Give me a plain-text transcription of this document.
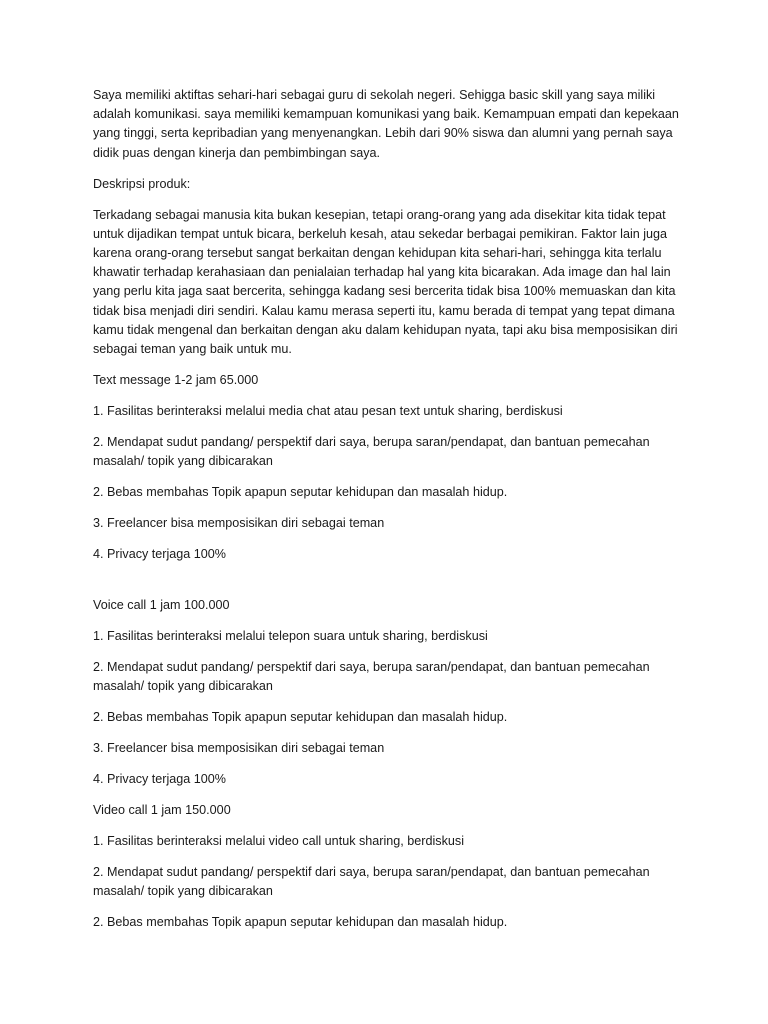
Saya memiliki aktiftas sehari-hari sebagai guru di sekolah negeri. Sehigga basic skill yang saya miliki adalah komunikasi. saya memiliki kemampuan komunikasi yang baik. Kemampuan empati dan kepekaan yang tinggi, serta kepribadian yang menyenangkan. Lebih dari 90% siswa dan alumni yang pernah saya didik puas dengan kinerja dan pembimbingan saya.

Deskripsi produk:

Terkadang sebagai manusia kita bukan kesepian, tetapi orang-orang yang ada disekitar kita tidak tepat untuk dijadikan tempat untuk bicara, berkeluh kesah, atau sekedar berbagai pemikiran. Faktor lain juga karena orang-orang tersebut sangat berkaitan dengan kehidupan kita sehari-hari, sehingga kita terlalu khawatir terhadap kerahasiaan dan penialaian terhadap hal yang kita bicarakan. Ada image dan hal lain yang perlu kita jaga saat bercerita, sehingga kadang sesi bercerita tidak bisa 100% memuaskan dan kita tidak bisa menjadi diri sendiri. Kalau kamu merasa seperti itu, kamu berada di tempat yang tepat dimana kamu tidak mengenal dan berkaitan dengan aku dalam kehidupan nyata, tapi aku bisa memposisikan diri sebagai teman yang baik untuk mu.

Text message 1-2 jam 65.000

1. Fasilitas berinteraksi melalui media chat atau pesan text untuk sharing, berdiskusi

2. Mendapat sudut pandang/ perspektif dari saya, berupa saran/pendapat, dan bantuan pemecahan masalah/ topik yang dibicarakan

2. Bebas membahas Topik apapun seputar kehidupan dan masalah hidup.

3. Freelancer bisa memposisikan diri sebagai teman

4. Privacy terjaga 100%

Voice call 1 jam 100.000

1. Fasilitas berinteraksi melalui telepon suara untuk sharing, berdiskusi

2. Mendapat sudut pandang/ perspektif dari saya, berupa saran/pendapat, dan bantuan pemecahan masalah/ topik yang dibicarakan

2. Bebas membahas Topik apapun seputar kehidupan dan masalah hidup.

3. Freelancer bisa memposisikan diri sebagai teman

4. Privacy terjaga 100%

Video call 1 jam 150.000

1. Fasilitas berinteraksi melalui video call untuk sharing, berdiskusi

2. Mendapat sudut pandang/ perspektif dari saya, berupa saran/pendapat, dan bantuan pemecahan masalah/ topik yang dibicarakan

2. Bebas membahas Topik apapun seputar kehidupan dan masalah hidup.
